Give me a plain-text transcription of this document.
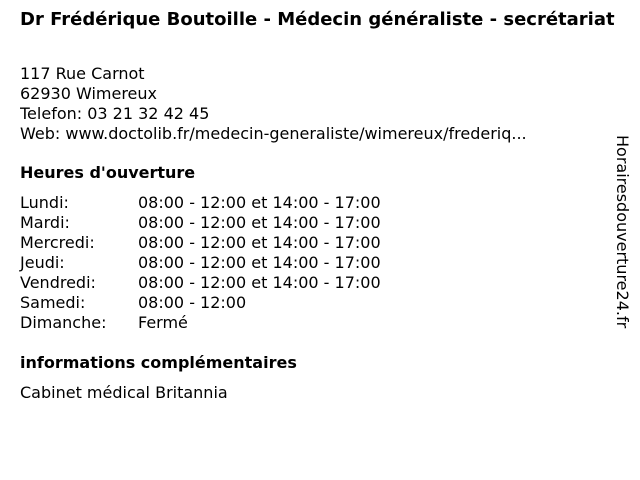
Dr Frédérique Boutoille - Médecin généraliste - secrétariat
117 Rue Carnot
62930 Wimereux
Telefon: 03 21 32 42 45
Web: www.doctolib.fr/medecin-generaliste/wimereux/frederiq...
Heures d'ouverture
Lundi:	08:00 - 12:00 et 14:00 - 17:00
Mardi:	08:00 - 12:00 et 14:00 - 17:00
Mercredi:	08:00 - 12:00 et 14:00 - 17:00
Jeudi:	08:00 - 12:00 et 14:00 - 17:00
Vendredi:	08:00 - 12:00 et 14:00 - 17:00
Samedi:	08:00 - 12:00
Dimanche:	Fermé
informations complémentaires
Cabinet médical Britannia
Horairesdouverture24.fr
